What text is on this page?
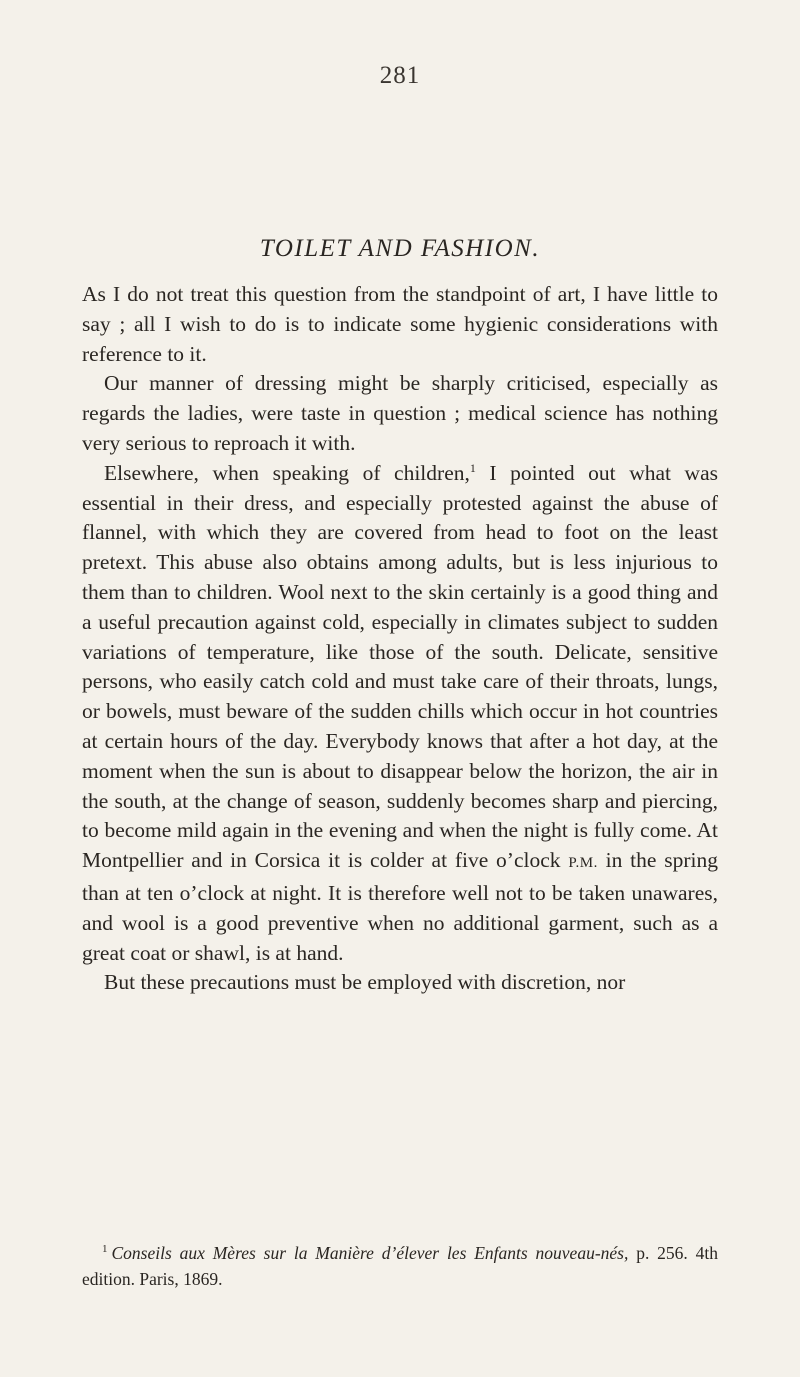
281
TOILET AND FASHION.

As I do not treat this question from the standpoint of art, I have little to say ; all I wish to do is to indicate some hygienic considerations with reference to it.

Our manner of dressing might be sharply criticised, especially as regards the ladies, were taste in question ; medical science has nothing very serious to reproach it with.

Elsewhere, when speaking of children,$^1$ I pointed out what was essential in their dress, and especially protested against the abuse of flannel, with which they are covered from head to foot on the least pretext. This abuse also obtains among adults, but is less injurious to them than to children. Wool next to the skin certainly is a good thing and a useful precaution against cold, especially in climates subject to sudden variations of temperature, like those of the south. Delicate, sensitive persons, who easily catch cold and must take care of their throats, lungs, or bowels, must beware of the sudden chills which occur in hot countries at certain hours of the day. Everybody knows that after a hot day, at the moment when the sun is about to disappear below the horizon, the air in the south, at the change of season, suddenly becomes sharp and piercing, to become mild again in the evening and when the night is fully come. At Montpellier and in Corsica it is colder at five o’clock P.M. in the spring than at ten o’clock at night. It is therefore well not to be taken unawares, and wool is a good preventive when no additional garment, such as a great coat or shawl, is at hand.

But these precautions must be employed with discretion, nor

$^1$ Conseils aux Mères sur la Manière d’élever les Enfants nouveau-nés, p. 256. 4th edition. Paris, 1869.
